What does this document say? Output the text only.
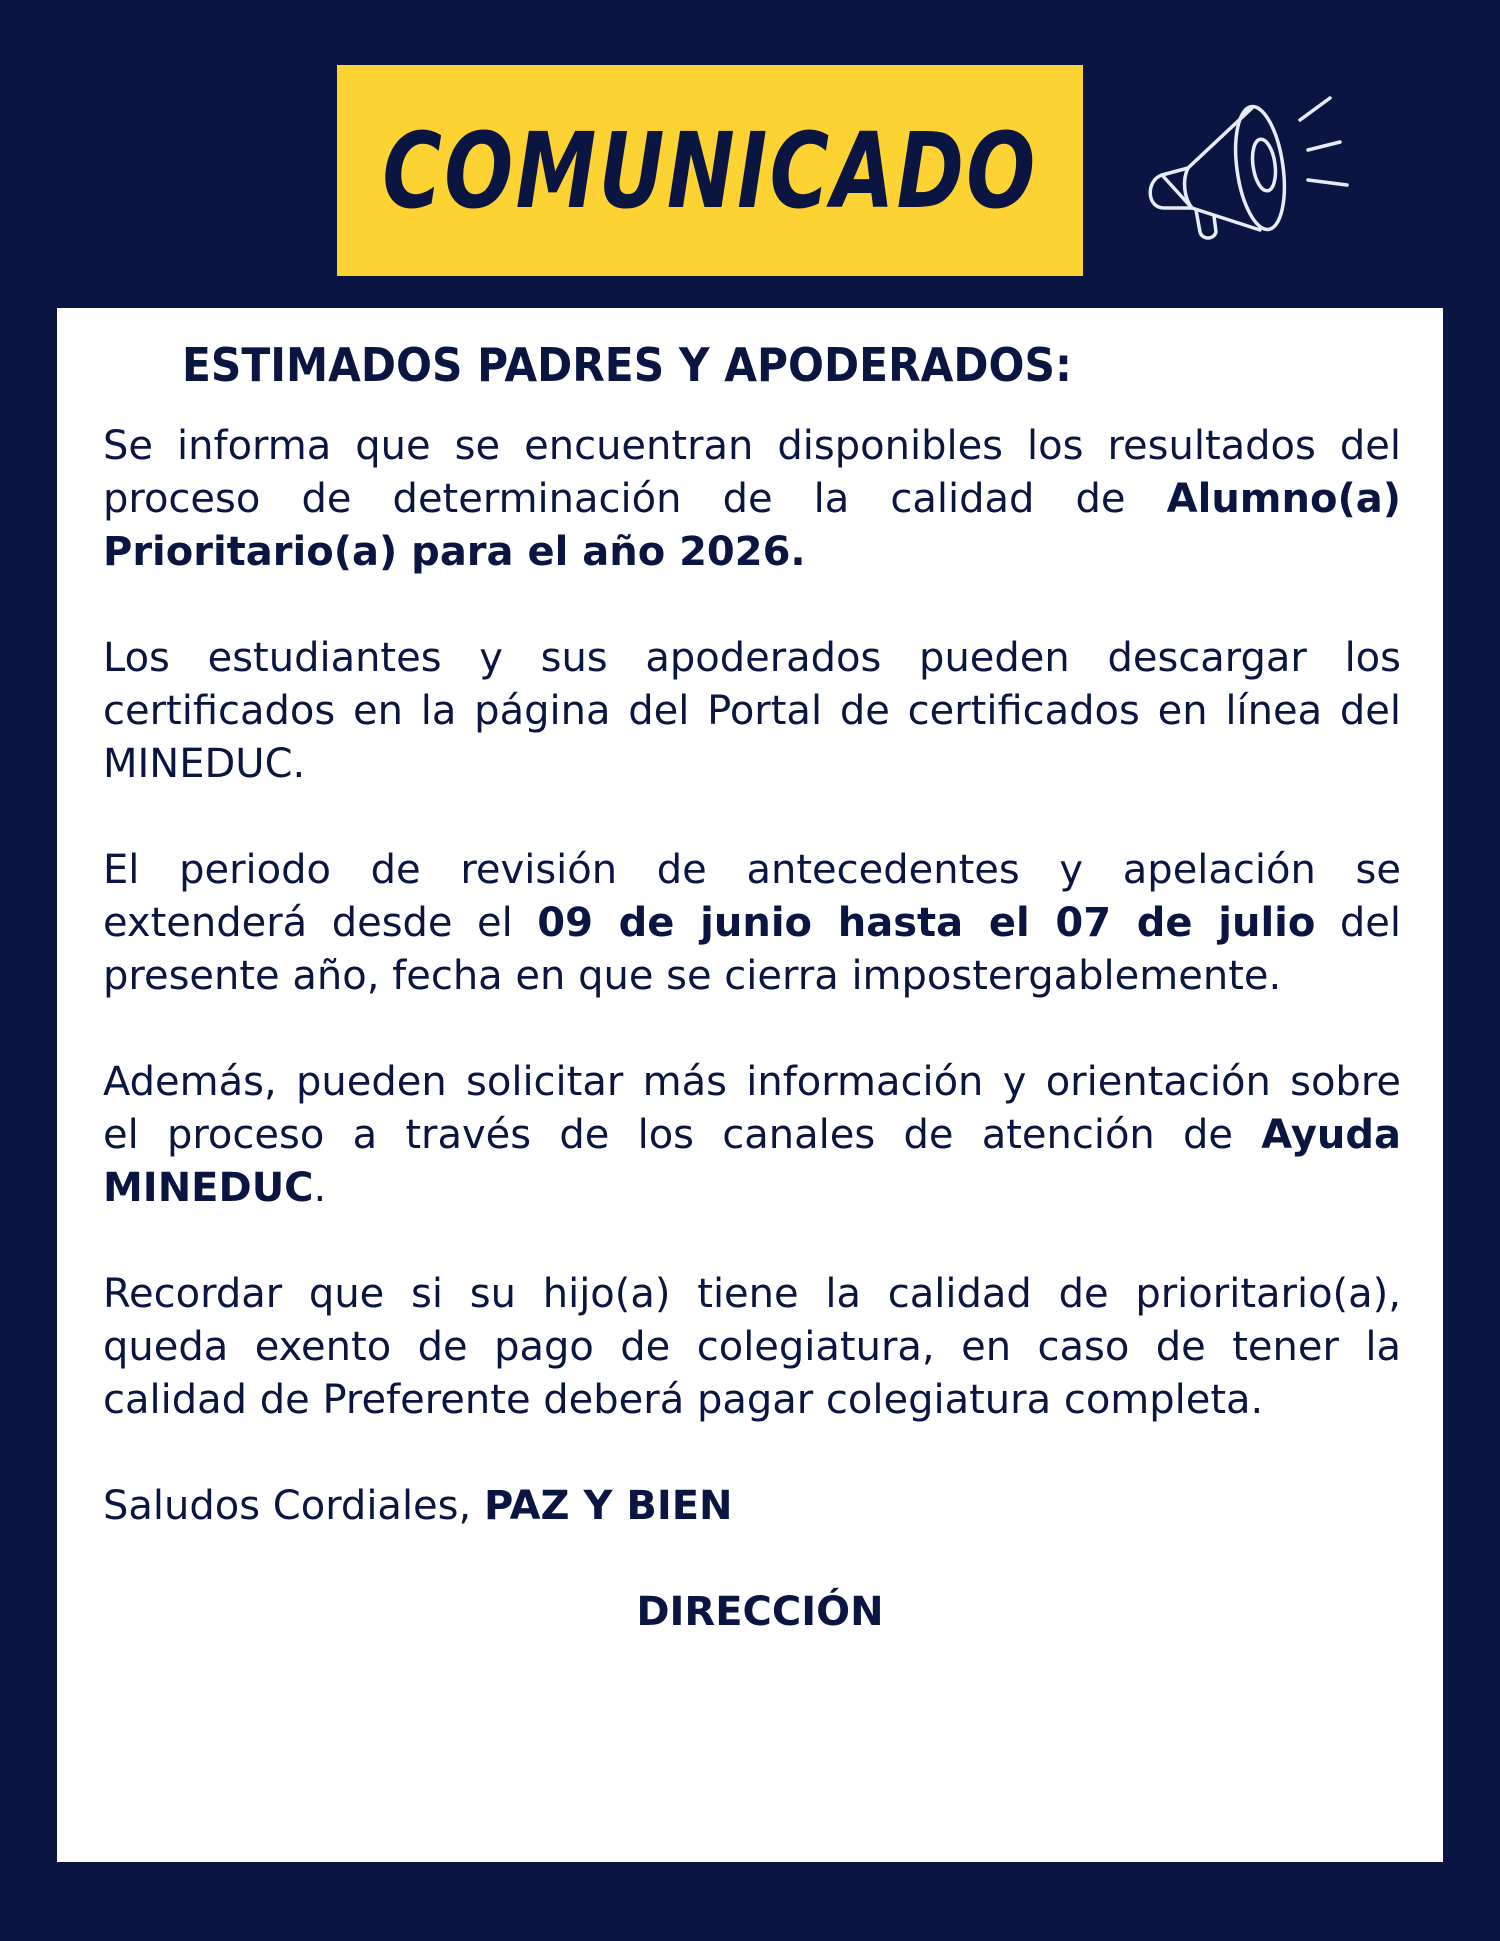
COMUNICADO
ESTIMADOS PADRES Y APODERADOS:

Se informa que se encuentran disponibles los resultados del proceso de determinación de la calidad de Alumno(a) Prioritario(a) para el año 2026.

Los estudiantes y sus apoderados pueden descargar los certificados en la página del Portal de certificados en línea del MINEDUC.

El periodo de revisión de antecedentes y apelación se extenderá desde el 09 de junio hasta el 07 de julio del presente año, fecha en que se cierra impostergablemente.

Además, pueden solicitar más información y orientación sobre el proceso a través de los canales de atención de Ayuda MINEDUC.

Recordar que si su hijo(a) tiene la calidad de prioritario(a), queda exento de pago de colegiatura, en caso de tener la calidad de Preferente deberá pagar colegiatura completa.

Saludos Cordiales, PAZ Y BIEN

DIRECCIÓN
